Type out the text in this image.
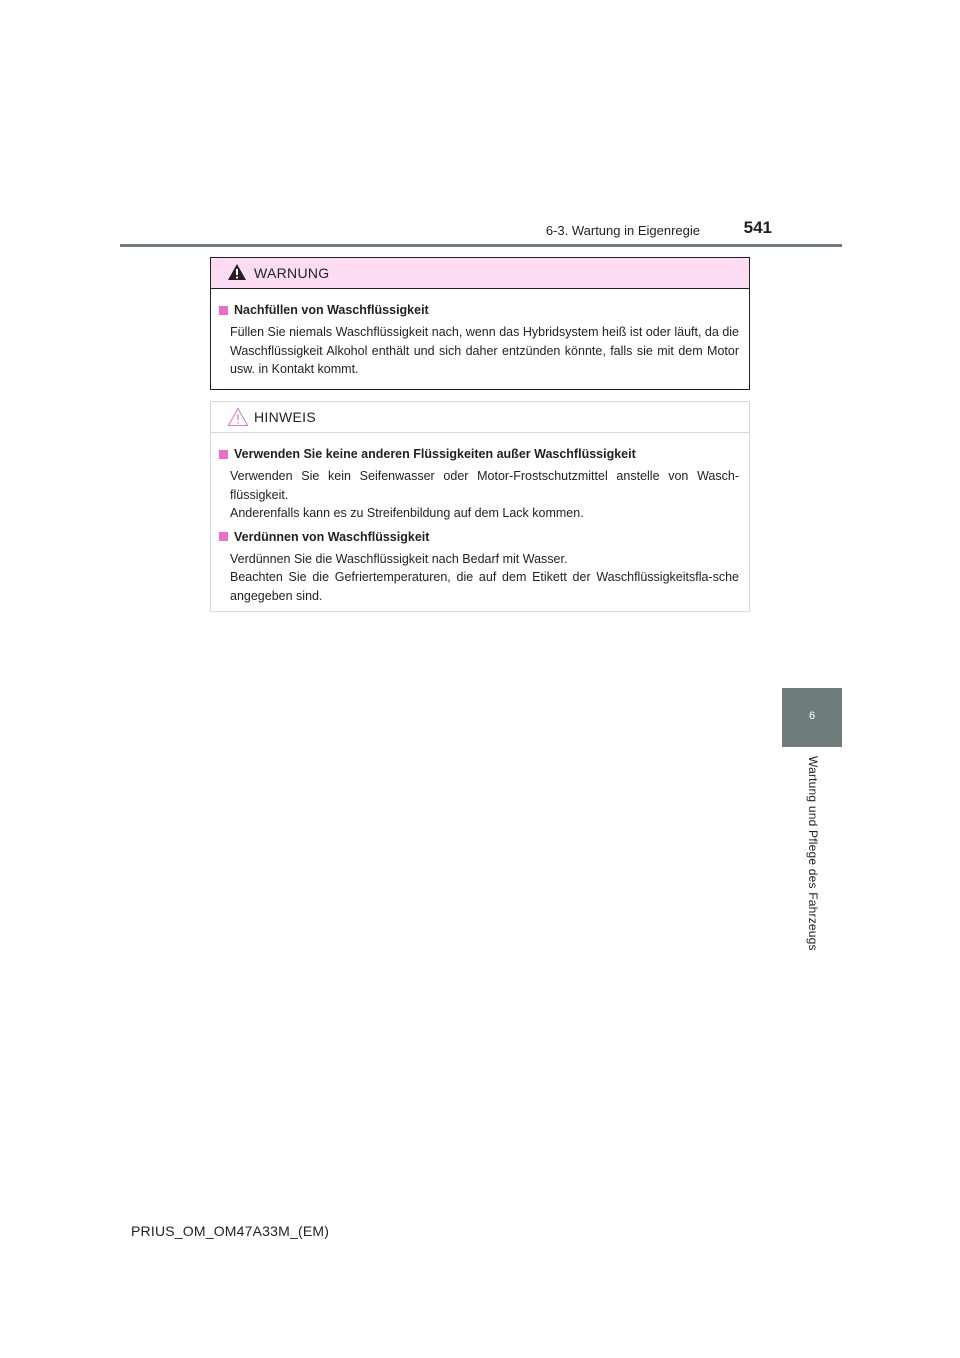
6-3. Wartung in Eigenregie	541
6
Wartung und Pflege des Fahrzeugs
WARNUNG
Nachfüllen von Waschflüssigkeit
Füllen Sie niemals Waschflüssigkeit nach, wenn das Hybridsystem heiß ist oder läuft, da die Waschflüssigkeit Alkohol enthält und sich daher entzünden könnte, falls sie mit dem Motor usw. in Kontakt kommt.
HINWEIS
Verwenden Sie keine anderen Flüssigkeiten außer Waschflüssigkeit
Verwenden Sie kein Seifenwasser oder Motor-Frostschutzmittel anstelle von Wasch-flüssigkeit.
Anderenfalls kann es zu Streifenbildung auf dem Lack kommen.
Verdünnen von Waschflüssigkeit
Verdünnen Sie die Waschflüssigkeit nach Bedarf mit Wasser.
Beachten Sie die Gefriertemperaturen, die auf dem Etikett der Waschflüssigkeitsfla-sche angegeben sind.
PRIUS_OM_OM47A33M_(EM)
